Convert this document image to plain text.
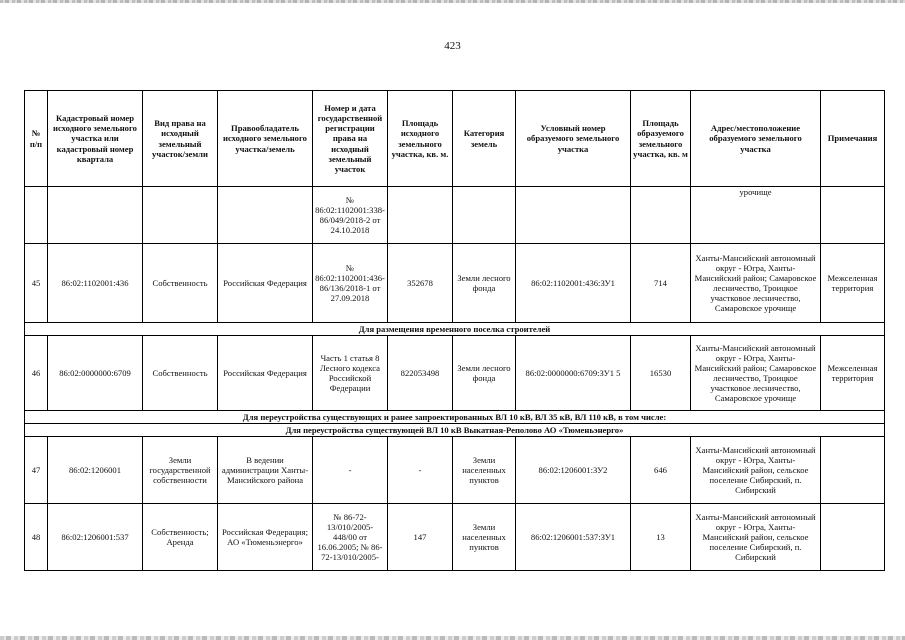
423
№ п/п	Кадастровый номер исходного земельного участка или кадастровый номер квартала	Вид права на исходный земельный участок/земли	Правообладатель исходного земельного участка/земель	Номер и дата государственной регистрации права на исходный земельный участок	Площадь исходного земельного участка, кв. м.	Категория земель	Условный номер образуемого земельного участка	Площадь образуемого земельного участка, кв. м	Адрес/местоположение образуемого земельного участка	Примечания
				№ 86:02:1102001:338-86/049/2018-2 от 24.10.2018					урочище	
45	86:02:1102001:436	Собственность	Российская Федерация	№ 86:02:1102001:436-86/136/2018-1 от 27.09.2018	352678	Земли лесного фонда	86:02:1102001:436:ЗУ1	714	Ханты-Мансийский автономный округ - Югра, Ханты-Мансийский район; Самаровское лесничество, Троицкое участковое лесничество, Самаровское урочище	Межселенная территория
Для размещения временного поселка строителей										
46	86:02:0000000:6709	Собственность	Российская Федерация	Часть 1 статья 8 Лесного кодекса Российской Федерации	822053498	Земли лесного фонда	86:02:0000000:6709:ЗУ1 5	16530	Ханты-Мансийский автономный округ - Югра, Ханты-Мансийский район; Самаровское лесничество, Троицкое участковое лесничество, Самаровское урочище	Межселенная территория
Для переустройства существующих и ранее запроектированных ВЛ 10 кВ, ВЛ 35 кВ, ВЛ 110 кВ, в том числе:										
Для переустройства существующей ВЛ 10 кВ Выкатная-Реполово АО «Тюменьэнерго»										
47	86:02:1206001	Земли государственной собственности	В ведении администрации Ханты-Мансийского района	-	-	Земли населенных пунктов	86:02:1206001:ЗУ2	646	Ханты-Мансийский автономный округ - Югра, Ханты-Мансийский район, сельское поселение Сибирский, п. Сибирский	
48	86:02:1206001:537	Собственность; Аренда	Российская Федерация; АО «Тюменьэнерго»	№ 86-72-13/010/2005-448/00 от 16.06.2005; № 86-72-13/010/2005-	147	Земли населенных пунктов	86:02:1206001:537:ЗУ1	13	Ханты-Мансийский автономный округ - Югра, Ханты-Мансийский район, сельское поселение Сибирский, п. Сибирский	
